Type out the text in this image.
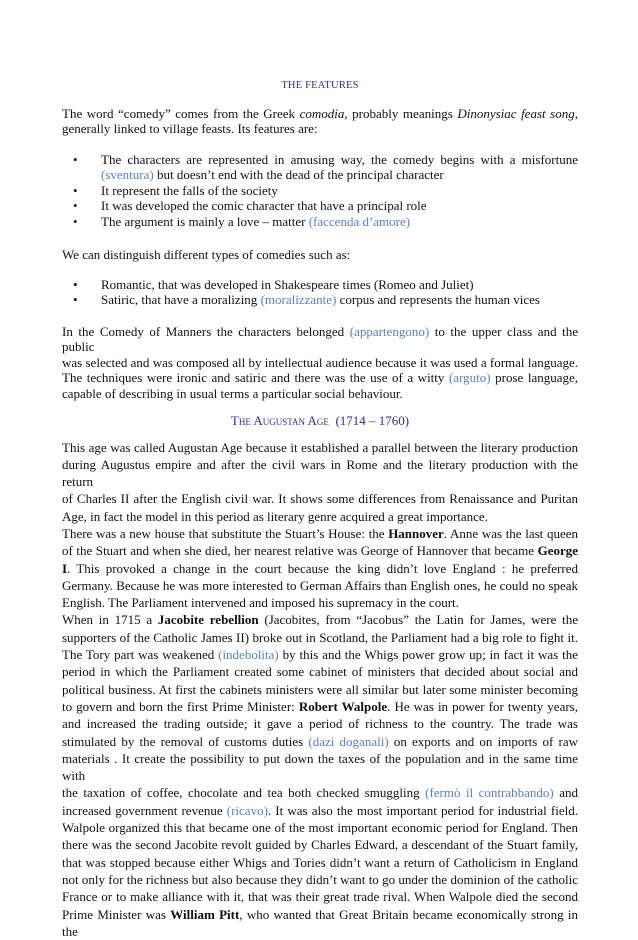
THE FEATURES
The word “comedy” comes from the Greek comodia, probably meanings Dinonysiac feast song,
generally linked to village feasts. Its features are:
• The characters are represented in amusing way, the comedy begins with a misfortune
(sventura) but doesn’t end with the dead of the principal character
• It represent the falls of the society
• It was developed the comic character that have a principal role
• The argument is mainly a love – matter (faccenda d’amore)
We can distinguish different types of comedies such as:
• Romantic, that was developed in Shakespeare times (Romeo and Juliet)
• Satiric, that have a moralizing (moralizzante) corpus and represents the human vices
In the Comedy of Manners the characters belonged (appartengono) to the upper class and the public
was selected and was composed all by intellectual audience because it was used a formal language.
The techniques were ironic and satiric and there was the use of a witty (arguto) prose language,
capable of describing in usual terms a particular social behaviour.
The Augustan Age (1714 – 1760)
This age was called Augustan Age because it established a parallel between the literary production
during Augustus empire and after the civil wars in Rome and the literary production with the return
of Charles II after the English civil war. It shows some differences from Renaissance and Puritan
Age, in fact the model in this period as literary genre acquired a great importance.
There was a new house that substitute the Stuart’s House: the Hannover. Anne was the last queen
of the Stuart and when she died, her nearest relative was George of Hannover that became George
I. This provoked a change in the court because the king didn’t love England : he preferred
Germany. Because he was more interested to German Affairs than English ones, he could no speak
English. The Parliament intervened and imposed his supremacy in the court.
When in 1715 a Jacobite rebellion (Jacobites, from “Jacobus” the Latin for James, were the
supporters of the Catholic James II) broke out in Scotland, the Parliament had a big role to fight it.
The Tory part was weakened (indebolita) by this and the Whigs power grow up; in fact it was the
period in which the Parliament created some cabinet of ministers that decided about social and
political business. At first the cabinets ministers were all similar but later some minister becoming
to govern and born the first Prime Minister: Robert Walpole. He was in power for twenty years,
and increased the trading outside; it gave a period of richness to the country. The trade was
stimulated by the removal of customs duties (dazi doganali) on exports and on imports of raw
materials . It create the possibility to put down the taxes of the population and in the same time with
the taxation of coffee, chocolate and tea both checked smuggling (fermò il contrabbando) and
increased government revenue (ricavo). It was also the most important period for industrial field.
Walpole organized this that became one of the most important economic period for England. Then
there was the second Jacobite revolt guided by Charles Edward, a descendant of the Stuart family,
that was stopped because either Whigs and Tories didn’t want a return of Catholicism in England
not only for the richness but also because they didn’t want to go under the dominion of the catholic
France or to make alliance with it, that was their great trade rival. When Walpole died the second
Prime Minister was William Pitt, who wanted that Great Britain became economically strong in the
